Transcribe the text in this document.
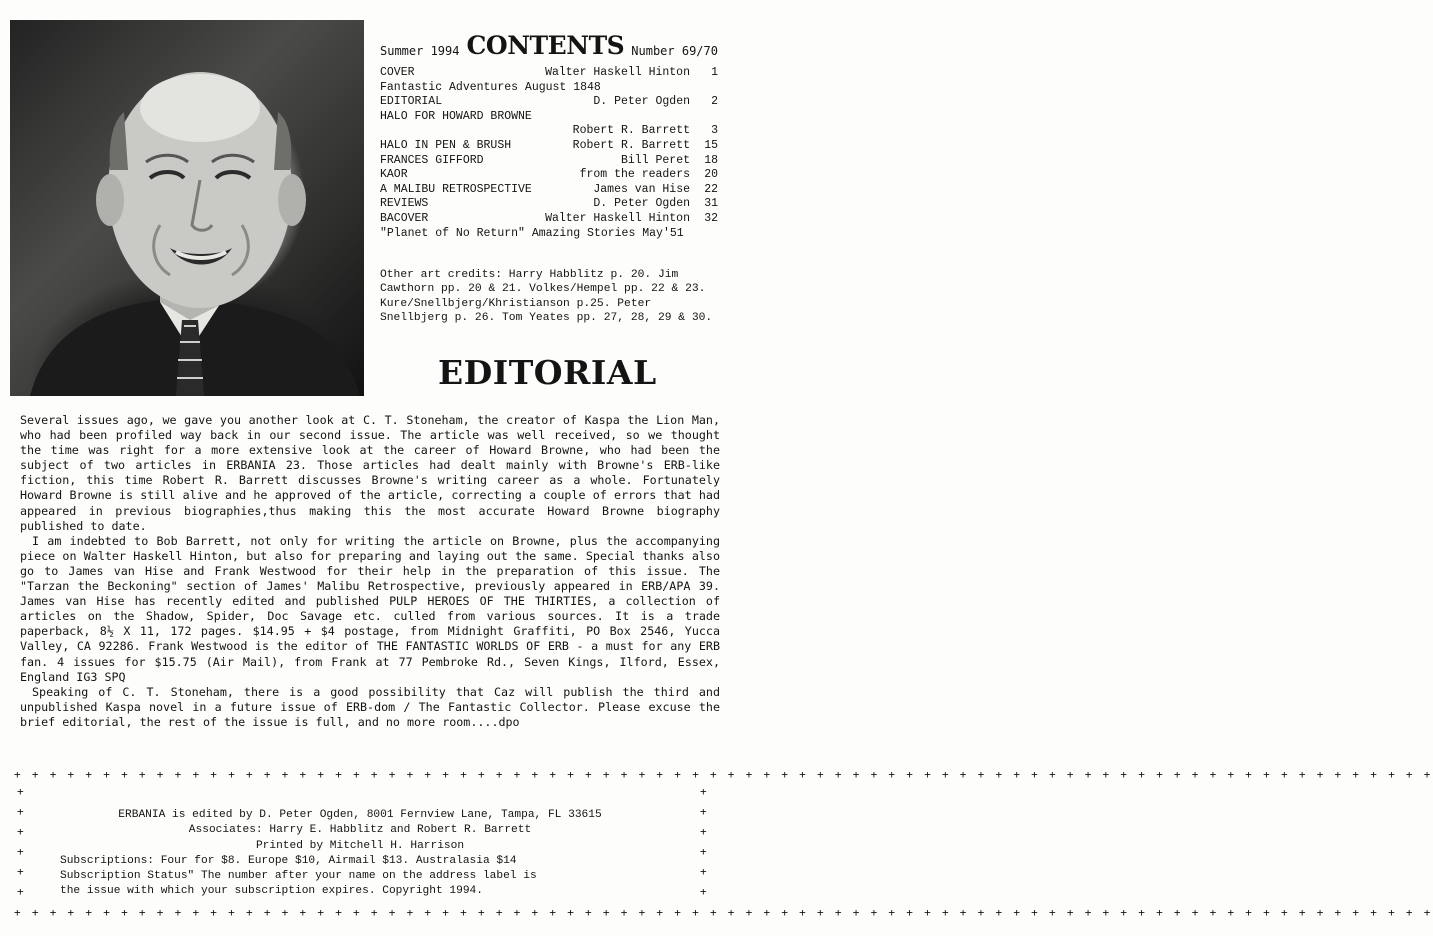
Summer 1994 CONTENTS Number 69/70
COVER	Walter Haskell Hinton	1
Fantastic Adventures August 1848
EDITORIAL	D. Peter Ogden	2
HALO FOR HOWARD BROWNE
Robert R. Barrett	3
HALO IN PEN & BRUSH	Robert R. Barrett	15
FRANCES GIFFORD	Bill Peret	18
KAOR	from the readers	20
A MALIBU RETROSPECTIVE	James van Hise	22
REVIEWS	D. Peter Ogden	31
BACOVER	Walter Haskell Hinton	32
"Planet of No Return" Amazing Stories May'51

Other art credits: Harry Habblitz p. 20. Jim Cawthorn pp. 20 & 21. Volkes/Hempel pp. 22 & 23. Kure/Snellbjerg/Khristianson p.25. Peter Snellbjerg p. 26. Tom Yeates pp. 27, 28, 29 & 30.

EDITORIAL

Several issues ago, we gave you another look at C. T. Stoneham, the creator of Kaspa the Lion Man, who had been profiled way back in our second issue. The article was well received, so we thought the time was right for a more extensive look at the career of Howard Browne, who had been the subject of two articles in ERBANIA 23. Those articles had dealt mainly with Browne's ERB-like fiction, this time Robert R. Barrett discusses Browne's writing career as a whole. Fortunately Howard Browne is still alive and he approved of the article, correcting a couple of errors that had appeared in previous biographies,thus making this the most accurate Howard Browne biography published to date.

I am indebted to Bob Barrett, not only for writing the article on Browne, plus the accompanying piece on Walter Haskell Hinton, but also for preparing and laying out the same. Special thanks also go to James van Hise and Frank Westwood for their help in the preparation of this issue. The "Tarzan the Beckoning" section of James' Malibu Retrospective, previously appeared in ERB/APA 39. James van Hise has recently edited and published PULP HEROES OF THE THIRTIES, a collection of articles on the Shadow, Spider, Doc Savage etc. culled from various sources. It is a trade paperback, 8½ X 11, 172 pages. $14.95 + $4 postage, from Midnight Graffiti, PO Box 2546, Yucca Valley, CA 92286. Frank Westwood is the editor of THE FANTASTIC WORLDS OF ERB - a must for any ERB fan. 4 issues for $15.75 (Air Mail), from Frank at 77 Pembroke Rd., Seven Kings, Ilford, Essex, England IG3 SPQ

Speaking of C. T. Stoneham, there is a good possibility that Caz will publish the third and unpublished Kaspa novel in a future issue of ERB-dom / The Fantastic Collector. Please excuse the brief editorial, the rest of the issue is full, and no more room....dpo

+ + + + + + + + + + + + + + + + + + + + + + + + + + + + + + + + + + + + + + + + + + + + + + + + + + + + + + + + + + + + + + + + + + + + + + + + + + + + + + + +
+
+
+
+
+
+
+
+
+
+
+
+

ERBANIA is edited by D. Peter Ogden, 8001 Fernview Lane, Tampa, FL 33615

Associates: Harry E. Habblitz and Robert R. Barrett

Printed by Mitchell H. Harrison

Subscriptions: Four for $8. Europe $10, Airmail $13. Australasia $14

Subscription Status" The number after your name on the address label is

the issue with which your subscription expires. Copyright 1994.

+ + + + + + + + + + + + + + + + + + + + + + + + + + + + + + + + + + + + + + + + + + + + + + + + + + + + + + + + + + + + + + + + + + + + + + + + + + + + + + + +
